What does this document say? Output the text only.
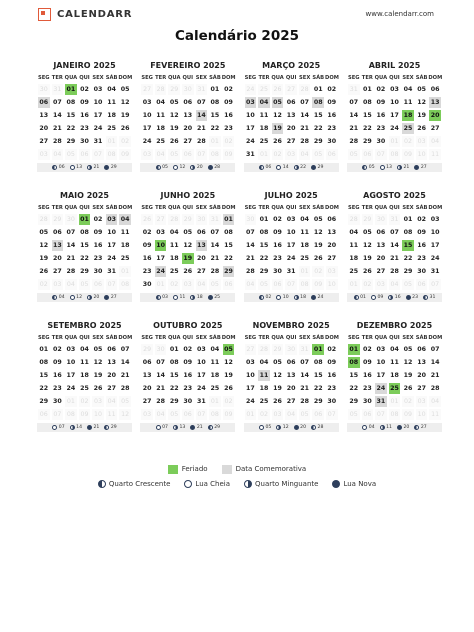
CALENDARR	www.calendarr.com
Calendário 2025
JANEIRO 2025
SEG TER QUA QUI SEX SÁB DOM
30 31 01 02 03 04 05
06 07 08 09 10 11 12
13 14 15 16 17 18 19
20 21 22 23 24 25 26
27 28 29 30 31 01 02
03 04 05 06 07 08 09
06	13	21	29
FEVEREIRO 2025
SEG TER QUA QUI SEX SÁB DOM
27 28 29 30 31 01 02
03 04 05 06 07 08 09
10 11 12 13 14 15 16
17 18 19 20 21 22 23
24 25 26 27 28 01 02
03 04 05 06 07 08 09
05	12	20	28
MARÇO 2025
SEG TER QUA QUI SEX SÁB DOM
24 25 26 27 28 01 02
03 04 05 06 07 08 09
10 11 12 13 14 15 16
17 18 19 20 21 22 23
24 25 26 27 28 29 30
31 01 02 03 04 05 06
06	14	22	29
ABRIL 2025
SEG TER QUA QUI SEX SÁB DOM
31 01 02 03 04 05 06
07 08 09 10 11 12 13
14 15 16 17 18 19 20
21 22 23 24 25 26 27
28 29 30 01 02 03 04
05 06 07 08 09 10 11
05	13	21	27
MAIO 2025
SEG TER QUA QUI SEX SÁB DOM
28 29 30 01 02 03 04
05 06 07 08 09 10 11
12 13 14 15 16 17 18
19 20 21 22 23 24 25
26 27 28 29 30 31 01
02 03 04 05 06 07 08
04	12	20	27
JUNHO 2025
SEG TER QUA QUI SEX SÁB DOM
26 27 28 29 30 31 01
02 03 04 05 06 07 08
09 10 11 12 13 14 15
16 17 18 19 20 21 22
23 24 25 26 27 28 29
30 01 02 03 04 05 06
03	11	18	25
JULHO 2025
SEG TER QUA QUI SEX SÁB DOM
30 01 02 03 04 05 06
07 08 09 10 11 12 13
14 15 16 17 18 19 20
21 22 23 24 25 26 27
28 29 30 31 01 02 03
04 05 06 07 08 09 10
02	10	18	24
AGOSTO 2025
SEG TER QUA QUI SEX SÁB DOM
28 29 30 31 01 02 03
04 05 06 07 08 09 10
11 12 13 14 15 16 17
18 19 20 21 22 23 24
25 26 27 28 29 30 31
01 02 03 04 05 06 07
01	09	16	23	31
SETEMBRO 2025
SEG TER QUA QUI SEX SÁB DOM
01 02 03 04 05 06 07
08 09 10 11 12 13 14
15 16 17 18 19 20 21
22 23 24 25 26 27 28
29 30 01 02 03 04 05
06 07 08 09 10 11 12
07	14	21	29
OUTUBRO 2025
SEG TER QUA QUI SEX SÁB DOM
29 30 01 02 03 04 05
06 07 08 09 10 11 12
13 14 15 16 17 18 19
20 21 22 23 24 25 26
27 28 29 30 31 01 02
03 04 05 06 07 08 09
07	13	21	29
NOVEMBRO 2025
SEG TER QUA QUI SEX SÁB DOM
27 28 29 30 31 01 02
03 04 05 06 07 08 09
10 11 12 13 14 15 16
17 18 19 20 21 22 23
24 25 26 27 28 29 30
01 02 03 04 05 06 07
05	12	20	28
DEZEMBRO 2025
SEG TER QUA QUI SEX SÁB DOM
01 02 03 04 05 06 07
08 09 10 11 12 13 14
15 16 17 18 19 20 21
22 23 24 25 26 27 28
29 30 31 01 02 03 04
05 06 07 08 09 10 11
04	11	20	27
Feriado	Data Comemorativa
Quarto Crescente	Lua Cheia	Quarto Minguante	Lua Nova
